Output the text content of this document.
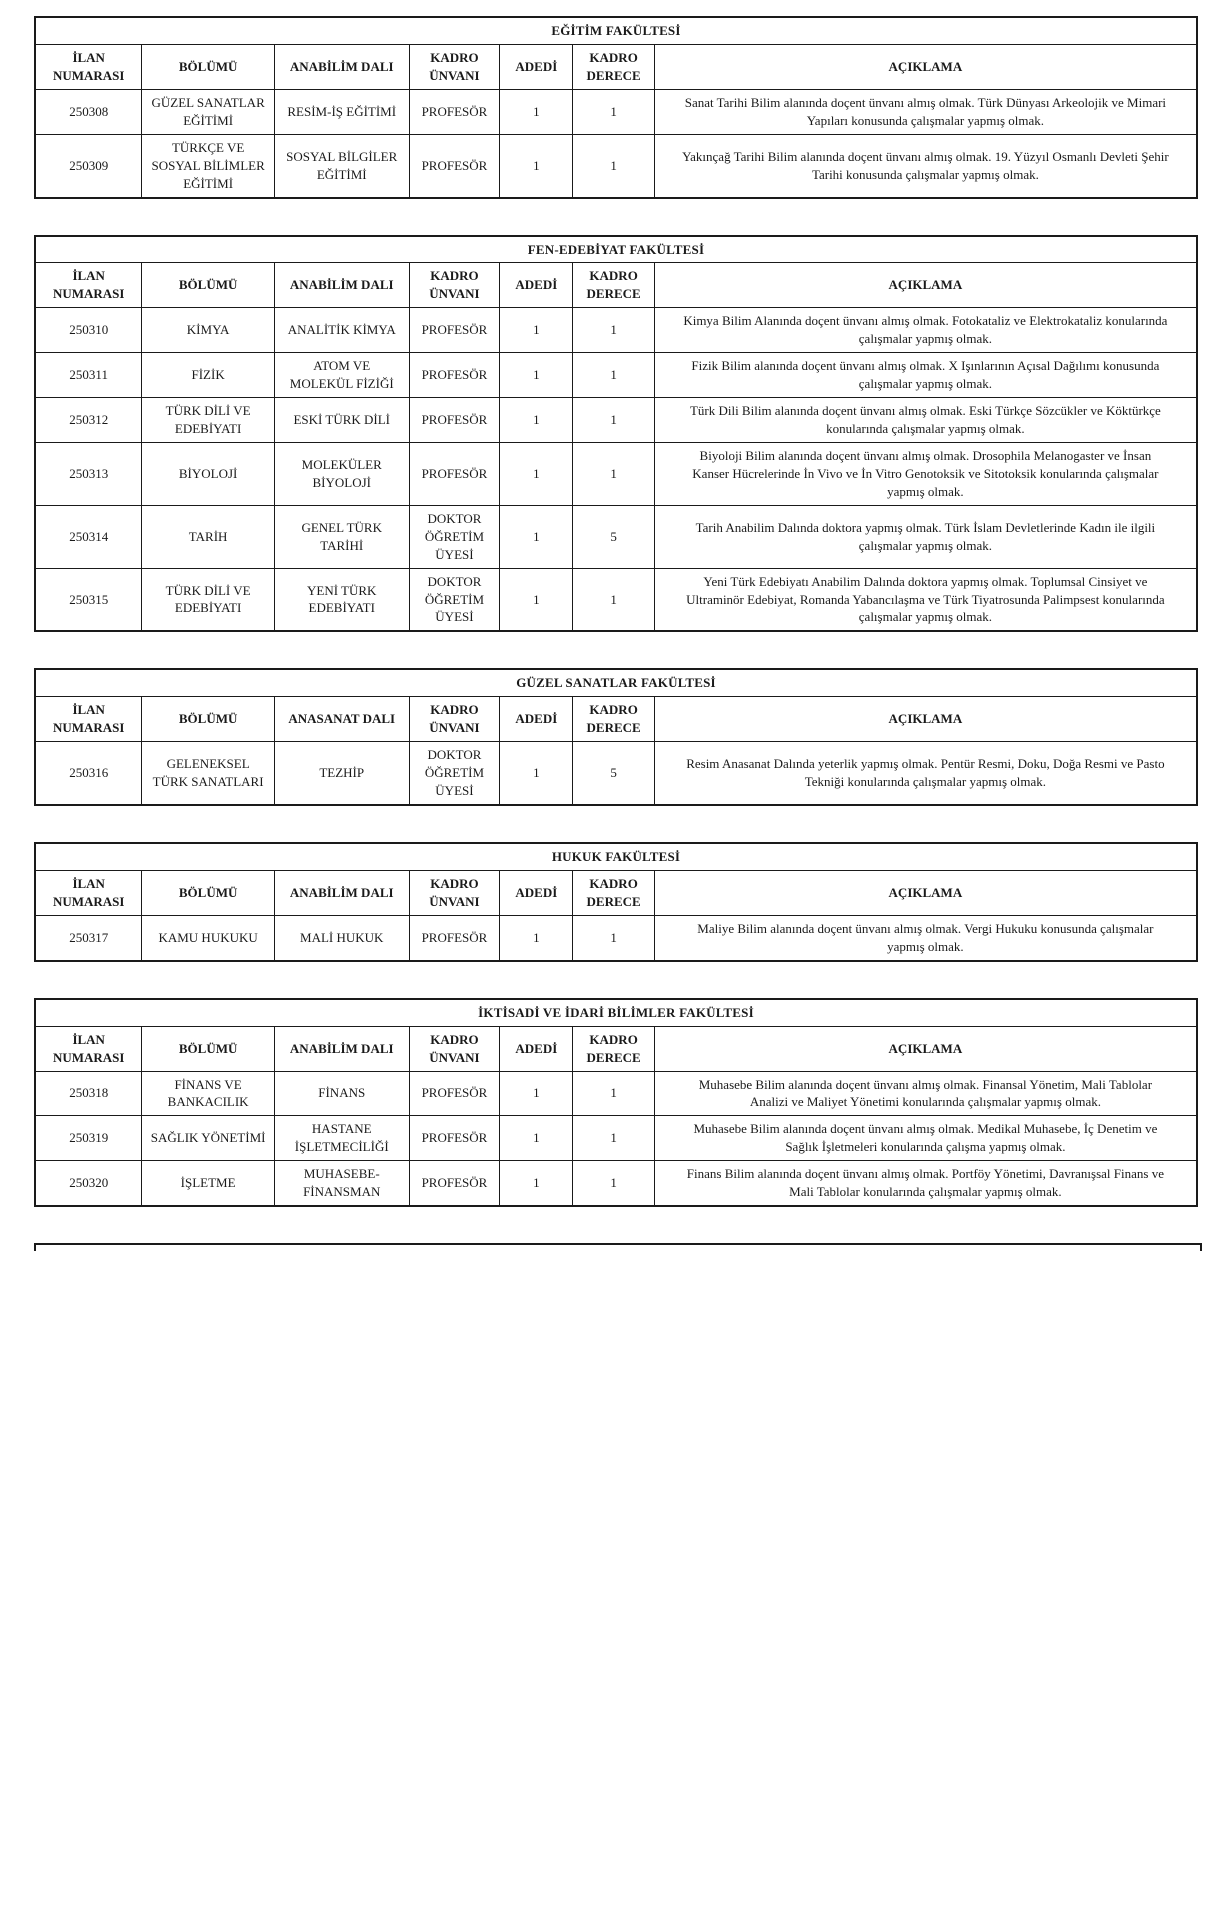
EĞİTİM FAKÜLTESİ						
İLAN NUMARASI	BÖLÜMÜ	ANABİLİM DALI	KADRO ÜNVANI	ADEDİ	KADRO DERECE	AÇIKLAMA
250308	GÜZEL SANATLAR EĞİTİMİ	RESİM-İŞ EĞİTİMİ	PROFESÖR	1	1	Sanat Tarihi Bilim alanında doçent ünvanı almış olmak. Türk Dünyası Arkeolojik ve Mimari Yapıları konusunda çalışmalar yapmış olmak.
250309	TÜRKÇE VE SOSYAL BİLİMLER EĞİTİMİ	SOSYAL BİLGİLER EĞİTİMİ	PROFESÖR	1	1	Yakınçağ Tarihi Bilim alanında doçent ünvanı almış olmak. 19. Yüzyıl Osmanlı Devleti Şehir Tarihi konusunda çalışmalar yapmış olmak.
FEN-EDEBİYAT FAKÜLTESİ						
İLAN NUMARASI	BÖLÜMÜ	ANABİLİM DALI	KADRO ÜNVANI	ADEDİ	KADRO DERECE	AÇIKLAMA
250310	KİMYA	ANALİTİK KİMYA	PROFESÖR	1	1	Kimya Bilim Alanında doçent ünvanı almış olmak. Fotokataliz ve Elektrokataliz konularında çalışmalar yapmış olmak.
250311	FİZİK	ATOM VE MOLEKÜL FİZİĞİ	PROFESÖR	1	1	Fizik Bilim alanında doçent ünvanı almış olmak. X Işınlarının Açısal Dağılımı konusunda çalışmalar yapmış olmak.
250312	TÜRK DİLİ VE EDEBİYATI	ESKİ TÜRK DİLİ	PROFESÖR	1	1	Türk Dili Bilim alanında doçent ünvanı almış olmak. Eski Türkçe Sözcükler ve Köktürkçe konularında çalışmalar yapmış olmak.
250313	BİYOLOJİ	MOLEKÜLER BİYOLOJİ	PROFESÖR	1	1	Biyoloji Bilim alanında doçent ünvanı almış olmak. Drosophila Melanogaster ve İnsan Kanser Hücrelerinde İn Vivo ve İn Vitro Genotoksik ve Sitotoksik konularında çalışmalar yapmış olmak.
250314	TARİH	GENEL TÜRK TARİHİ	DOKTOR ÖĞRETİM ÜYESİ	1	5	Tarih Anabilim Dalında doktora yapmış olmak. Türk İslam Devletlerinde Kadın ile ilgili çalışmalar yapmış olmak.
250315	TÜRK DİLİ VE EDEBİYATI	YENİ TÜRK EDEBİYATI	DOKTOR ÖĞRETİM ÜYESİ	1	1	Yeni Türk Edebiyatı Anabilim Dalında doktora yapmış olmak. Toplumsal Cinsiyet ve Ultraminör Edebiyat, Romanda Yabancılaşma ve Türk Tiyatrosunda Palimpsest konularında çalışmalar yapmış olmak.
GÜZEL SANATLAR FAKÜLTESİ						
İLAN NUMARASI	BÖLÜMÜ	ANASANAT DALI	KADRO ÜNVANI	ADEDİ	KADRO DERECE	AÇIKLAMA
250316	GELENEKSEL TÜRK SANATLARI	TEZHİP	DOKTOR ÖĞRETİM ÜYESİ	1	5	Resim Anasanat Dalında yeterlik yapmış olmak. Pentür Resmi, Doku, Doğa Resmi ve Pasto Tekniği konularında çalışmalar yapmış olmak.
HUKUK FAKÜLTESİ						
İLAN NUMARASI	BÖLÜMÜ	ANABİLİM DALI	KADRO ÜNVANI	ADEDİ	KADRO DERECE	AÇIKLAMA
250317	KAMU HUKUKU	MALİ HUKUK	PROFESÖR	1	1	Maliye Bilim alanında doçent ünvanı almış olmak. Vergi Hukuku konusunda çalışmalar yapmış olmak.
İKTİSADİ VE İDARİ BİLİMLER FAKÜLTESİ						
İLAN NUMARASI	BÖLÜMÜ	ANABİLİM DALI	KADRO ÜNVANI	ADEDİ	KADRO DERECE	AÇIKLAMA
250318	FİNANS VE BANKACILIK	FİNANS	PROFESÖR	1	1	Muhasebe Bilim alanında doçent ünvanı almış olmak. Finansal Yönetim, Mali Tablolar Analizi ve Maliyet Yönetimi konularında çalışmalar yapmış olmak.
250319	SAĞLIK YÖNETİMİ	HASTANE İŞLETMECİLİĞİ	PROFESÖR	1	1	Muhasebe Bilim alanında doçent ünvanı almış olmak. Medikal Muhasebe, İç Denetim ve Sağlık İşletmeleri konularında çalışma yapmış olmak.
250320	İŞLETME	MUHASEBE-FİNANSMAN	PROFESÖR	1	1	Finans Bilim alanında doçent ünvanı almış olmak. Portföy Yönetimi, Davranışsal Finans ve Mali Tablolar konularında çalışmalar yapmış olmak.
